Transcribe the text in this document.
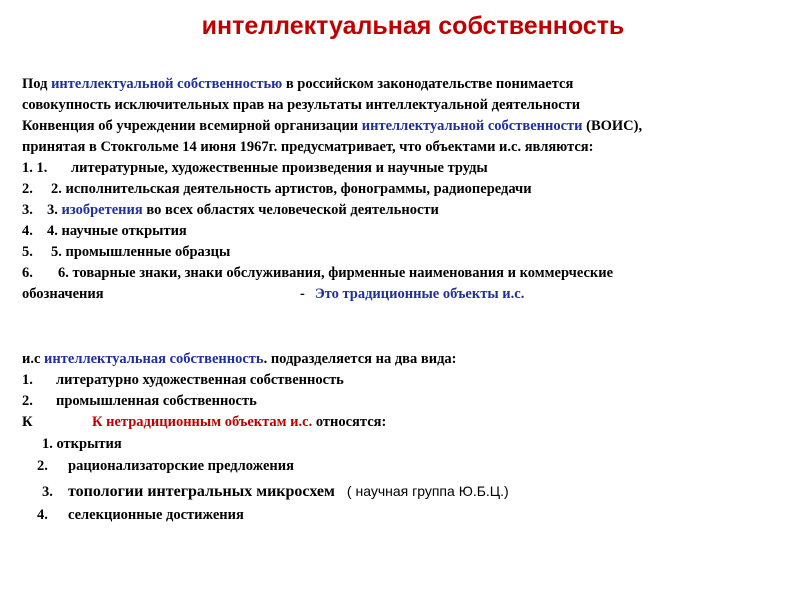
интеллектуальная собственность
Под интеллектуальной собственностью в российском законодательстве понимается
совокупность исключительных прав на результаты интеллектуальной деятельности
Конвенция об учреждении всемирной организации интеллектуальной собственности (ВОИС),
принятая в Стокгольме 14 июня 1967г. предусматривает, что объектами и.с. являются:
1. 1. литературные, художественные произведения и научные труды
2. 2. исполнительская деятельность артистов, фонограммы, радиопередачи
3. 3. изобретения во всех областях человеческой деятельности
4. 4. научные открытия
5. 5. промышленные образцы
6. 6. товарные знаки, знаки обслуживания, фирменные наименования и коммерческие
обозначения	- Это традиционные объекты и.с.
и.с интеллектуальная собственность. подразделяется на два вида:
1. литературно художественная собственность
2. промышленная собственность
К	К нетрадиционным объектам и.с. относятся:
1. открытия
2. рационализаторские предложения
3. топологии интегральных микросхем ( научная группа Ю.Б.Ц.)
4. селекционные достижения
